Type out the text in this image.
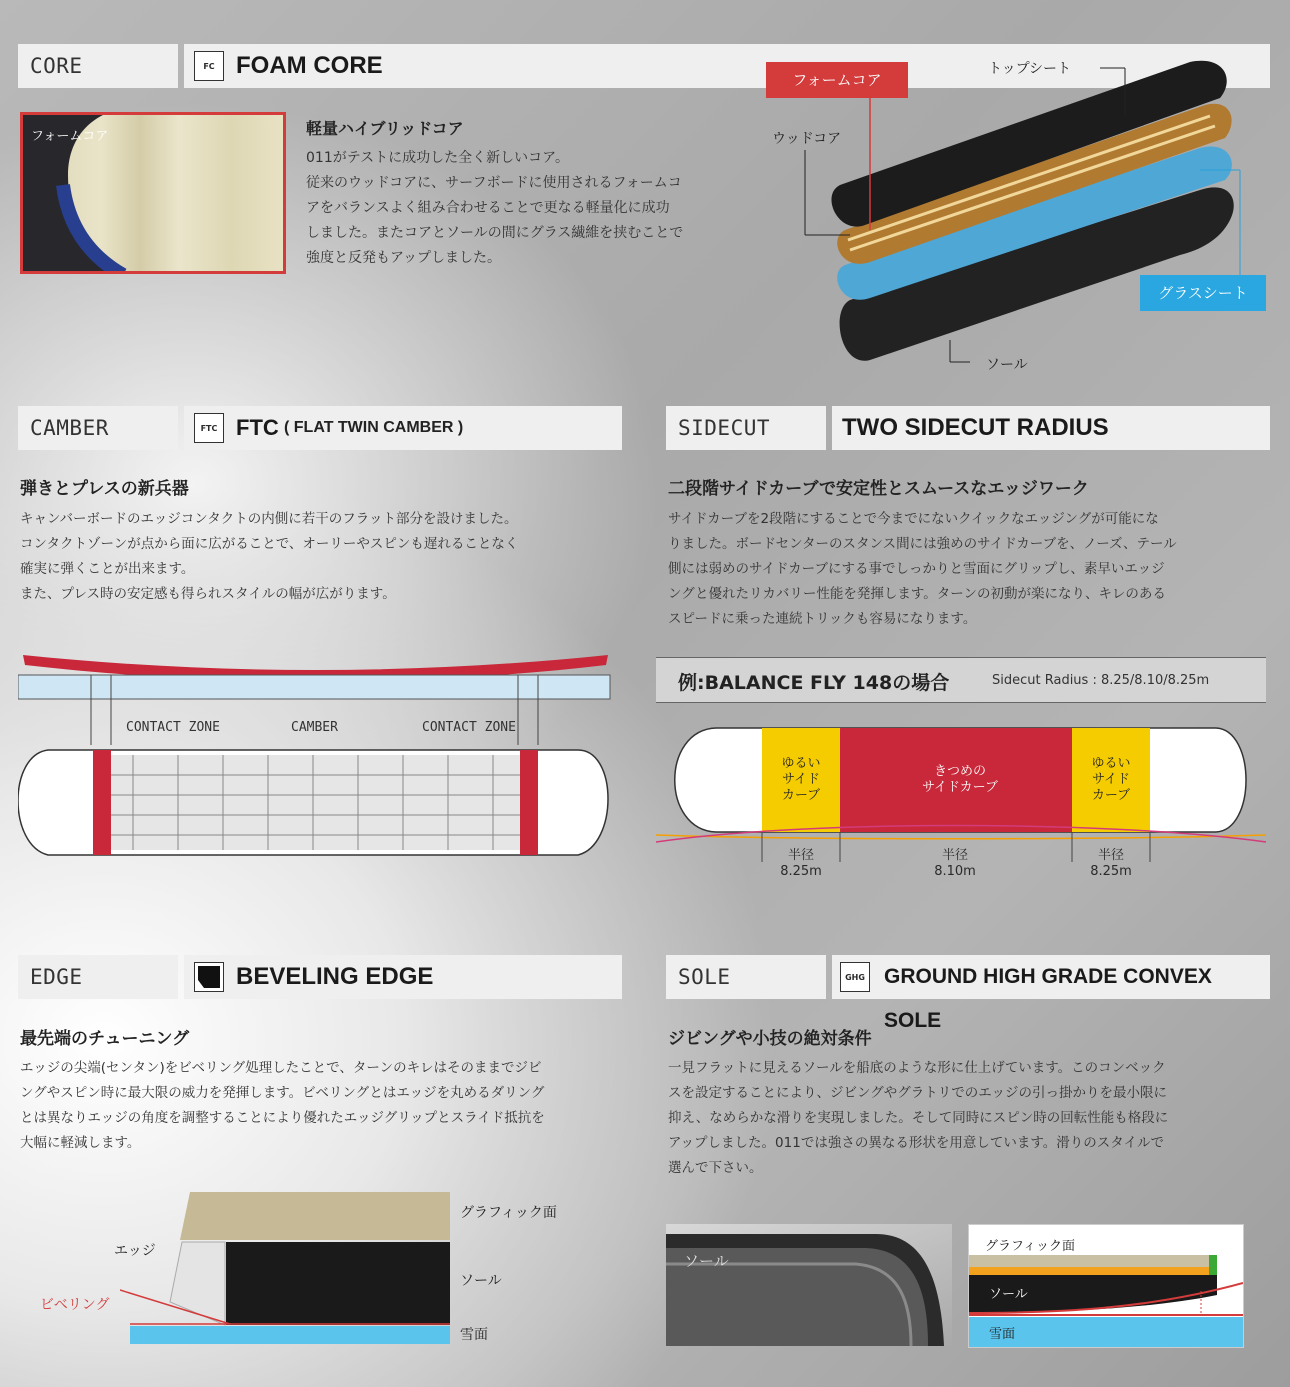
CORE	FC FOAM CORE
フォームコア	軽量ハイブリッドコア
011がテストに成功した全く新しいコア。
従来のウッドコアに、サーフボードに使用されるフォームコ
アをバランスよく組み合わせることで更なる軽量化に成功
しました。またコアとソールの間にグラス繊維を挟むことで
強度と反発もアップしました。
フォームコア
トップシート
ウッドコア
グラスシート
ソール
CAMBER	FTC FTC ( FLAT TWIN CAMBER )
弾きとプレスの新兵器
キャンバーボードのエッジコンタクトの内側に若干のフラット部分を設けました。
コンタクトゾーンが点から面に広がることで、オーリーやスピンも遅れることなく
確実に弾くことが出来ます。
また、プレス時の安定感も得られスタイルの幅が広がります。
CONTACT ZONE	CAMBER	CONTACT ZONE
SIDECUT	TWO SIDECUT RADIUS
二段階サイドカーブで安定性とスムースなエッジワーク
サイドカーブを2段階にすることで今までにないクイックなエッジングが可能にな
りました。ボードセンターのスタンス間には強めのサイドカーブを、ノーズ、テール
側には弱めのサイドカーブにする事でしっかりと雪面にグリップし、素早いエッジ
ングと優れたリカバリー性能を発揮します。ターンの初動が楽になり、キレのある
スピードに乗った連続トリックも容易になります。
例:BALANCE FLY 148の場合	Sidecut Radius : 8.25/8.10/8.25m
ゆるい
サイド
カーブ
きつめの
サイドカーブ
ゆるい
サイド
カーブ
半径
8.25m
半径
8.10m
半径
8.25m
EDGE	BEVELING EDGE
最先端のチューニング
エッジの尖端(センタン)をビベリング処理したことで、ターンのキレはそのままでジビ
ングやスピン時に最大限の威力を発揮します。ビベリングとはエッジを丸めるダリング
とは異なりエッジの角度を調整することにより優れたエッジグリップとスライド抵抗を
大幅に軽減します。
グラフィック面
エッジ
ビベリング
ソール
雪面
SOLE	GHG GROUND HIGH GRADE CONVEX SOLE
ジビングや小技の絶対条件
一見フラットに見えるソールを船底のような形に仕上げています。このコンベック
スを設定することにより、ジビングやグラトリでのエッジの引っ掛かりを最小限に
抑え、なめらかな滑りを実現しました。そして同時にスピン時の回転性能も格段に
アップしました。011では強さの異なる形状を用意しています。滑りのスタイルで
選んで下さい。
ソール
グラフィック面
ソール
雪面
